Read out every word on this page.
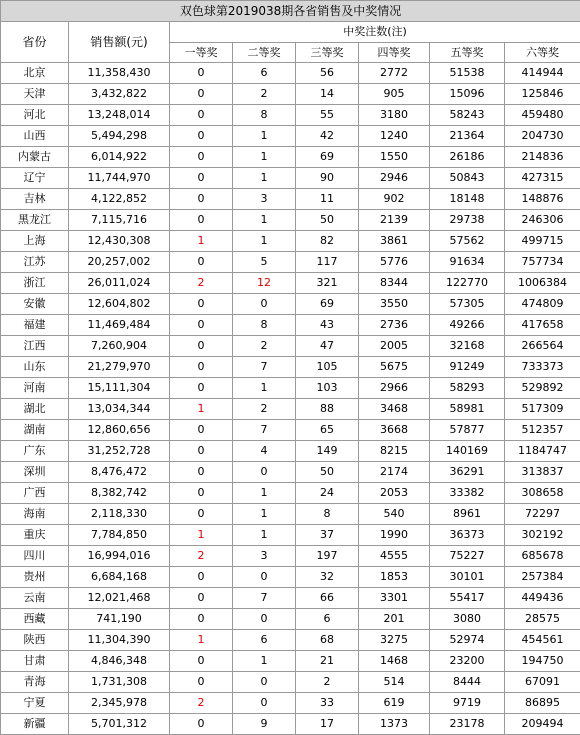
双色球第2019038期各省销售及中奖情况							
省份	销售额(元)	中奖注数(注)					
		一等奖	二等奖	三等奖	四等奖	五等奖	六等奖
北京	11,358,430	0	6	56	2772	51538	414944
天津	3,432,822	0	2	14	905	15096	125846
河北	13,248,014	0	8	55	3180	58243	459480
山西	5,494,298	0	1	42	1240	21364	204730
内蒙古	6,014,922	0	1	69	1550	26186	214836
辽宁	11,744,970	0	1	90	2946	50843	427315
吉林	4,122,852	0	3	11	902	18148	148876
黑龙江	7,115,716	0	1	50	2139	29738	246306
上海	12,430,308	1	1	82	3861	57562	499715
江苏	20,257,002	0	5	117	5776	91634	757734
浙江	26,011,024	2	12	321	8344	122770	1006384
安徽	12,604,802	0	0	69	3550	57305	474809
福建	11,469,484	0	8	43	2736	49266	417658
江西	7,260,904	0	2	47	2005	32168	266564
山东	21,279,970	0	7	105	5675	91249	733373
河南	15,111,304	0	1	103	2966	58293	529892
湖北	13,034,344	1	2	88	3468	58981	517309
湖南	12,860,656	0	7	65	3668	57877	512357
广东	31,252,728	0	4	149	8215	140169	1184747
深圳	8,476,472	0	0	50	2174	36291	313837
广西	8,382,742	0	1	24	2053	33382	308658
海南	2,118,330	0	1	8	540	8961	72297
重庆	7,784,850	1	1	37	1990	36373	302192
四川	16,994,016	2	3	197	4555	75227	685678
贵州	6,684,168	0	0	32	1853	30101	257384
云南	12,021,468	0	7	66	3301	55417	449436
西藏	741,190	0	0	6	201	3080	28575
陕西	11,304,390	1	6	68	3275	52974	454561
甘肃	4,846,348	0	1	21	1468	23200	194750
青海	1,731,308	0	0	2	514	8444	67091
宁夏	2,345,978	2	0	33	619	9719	86895
新疆	5,701,312	0	9	17	1373	23178	209494
